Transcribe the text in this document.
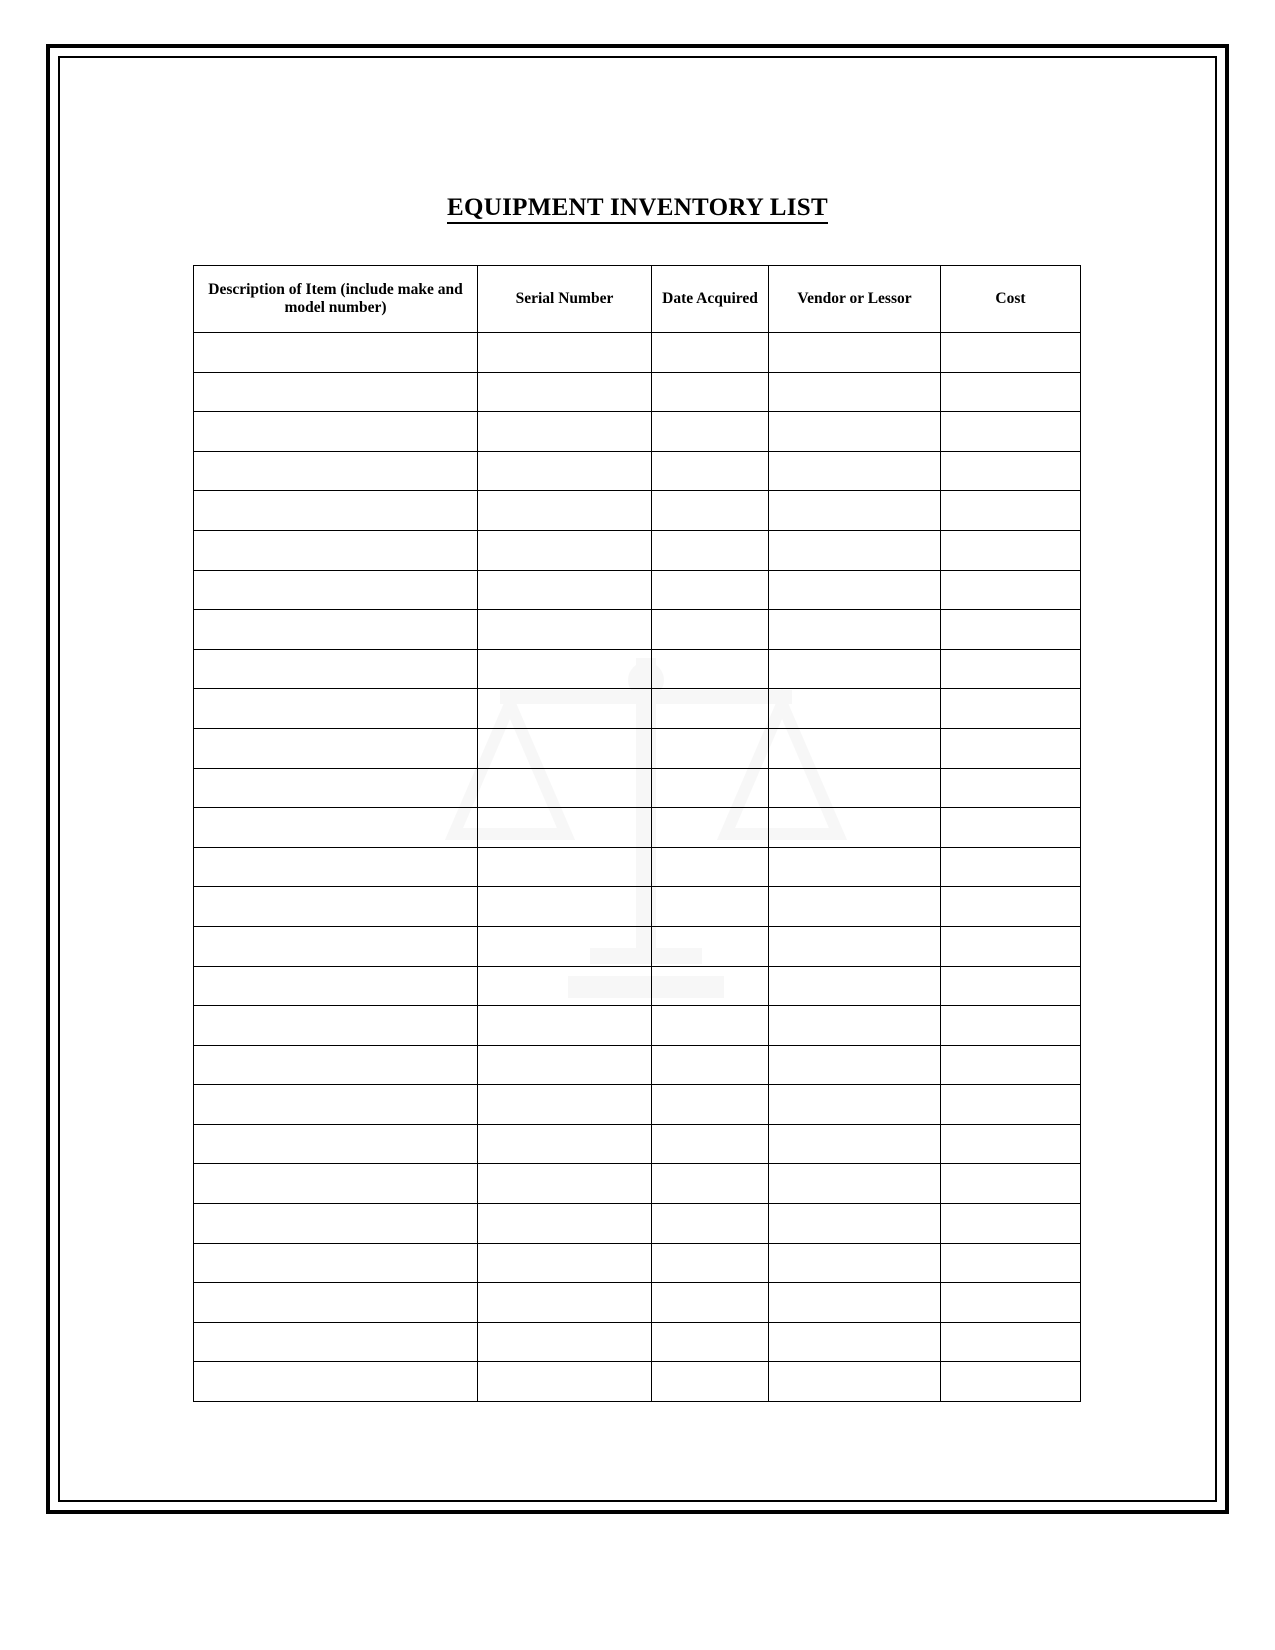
EQUIPMENT INVENTORY LIST
Description of Item (include make and model number)	Serial Number	Date Acquired	Vendor or Lessor	Cost
